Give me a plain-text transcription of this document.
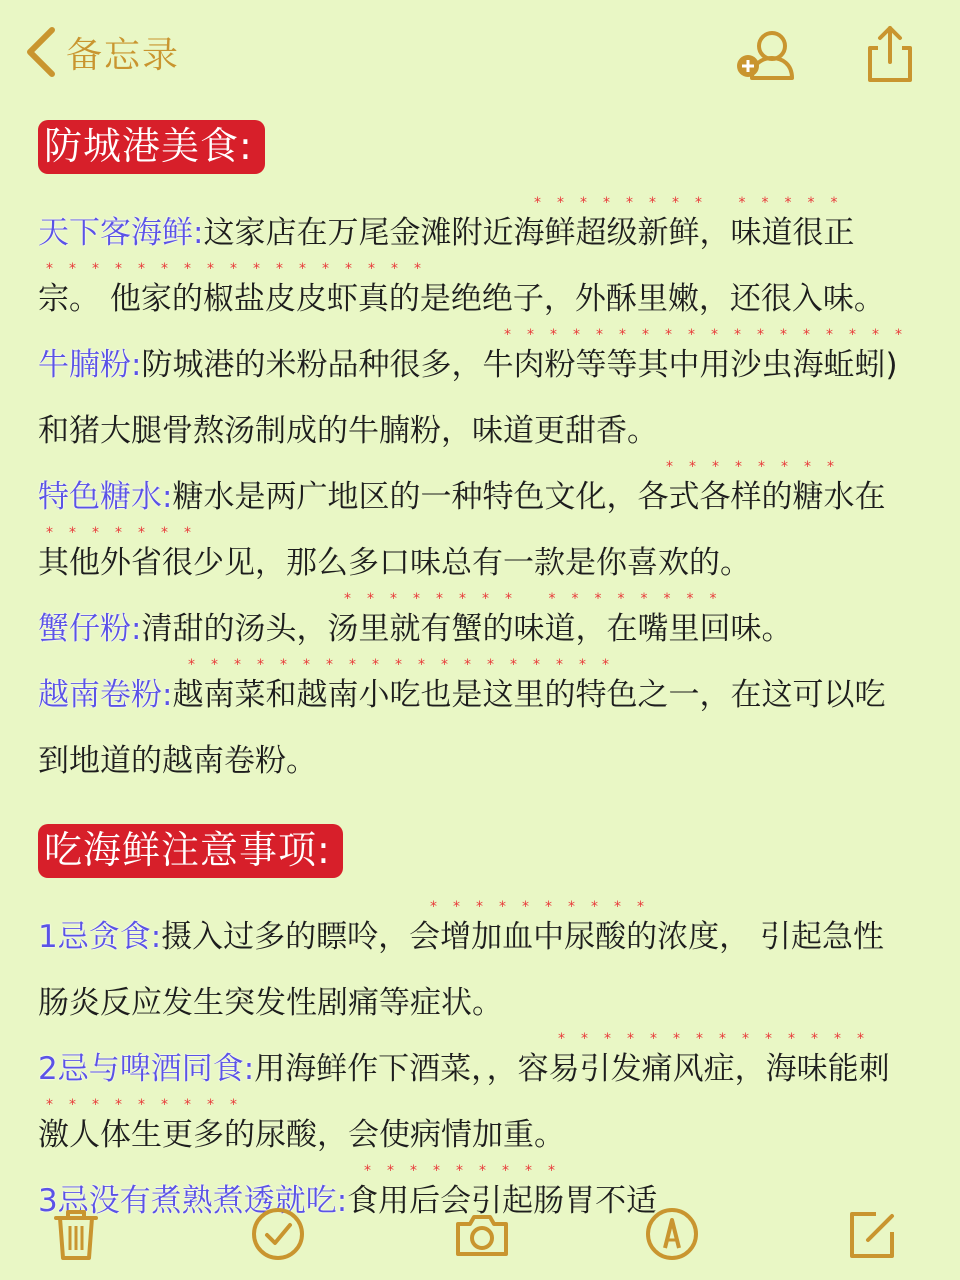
备忘录
防城港美食:

******** *****
天下客海鲜:这家店在万尾金滩附近海鲜超级新鲜，味道很正

*****************
宗。 他家的椒盐皮皮虾真的是绝绝子，外酥里嫩，还很入味。

******************
牛腩粉:防城港的米粉品种很多，牛肉粉等等其中用沙虫海蚯蚓)
和猪大腿骨熬汤制成的牛腩粉，味道更甜香。

********
特色糖水:糖水是两广地区的一种特色文化，各式各样的糖水在

*******
其他外省很少见，那么多口味总有一款是你喜欢的。

******** ********
蟹仔粉:清甜的汤头，汤里就有蟹的味道，在嘴里回味。

*******************
越南卷粉:越南菜和越南小吃也是这里的特色之一，在这可以吃
到地道的越南卷粉。

吃海鲜注意事项:

**********
1忌贪食:摄入过多的瞟呤，会增加血中尿酸的浓度， 引起急性
肠炎反应发生突发性剧痛等症状。

**************
2忌与啤酒同食:用海鲜作下酒菜，，容易引发痛风症，海味能刺

*********
激人体生更多的尿酸，会使病情加重。

*********
3忌没有煮熟煮透就吃:食用后会引起肠胃不适
